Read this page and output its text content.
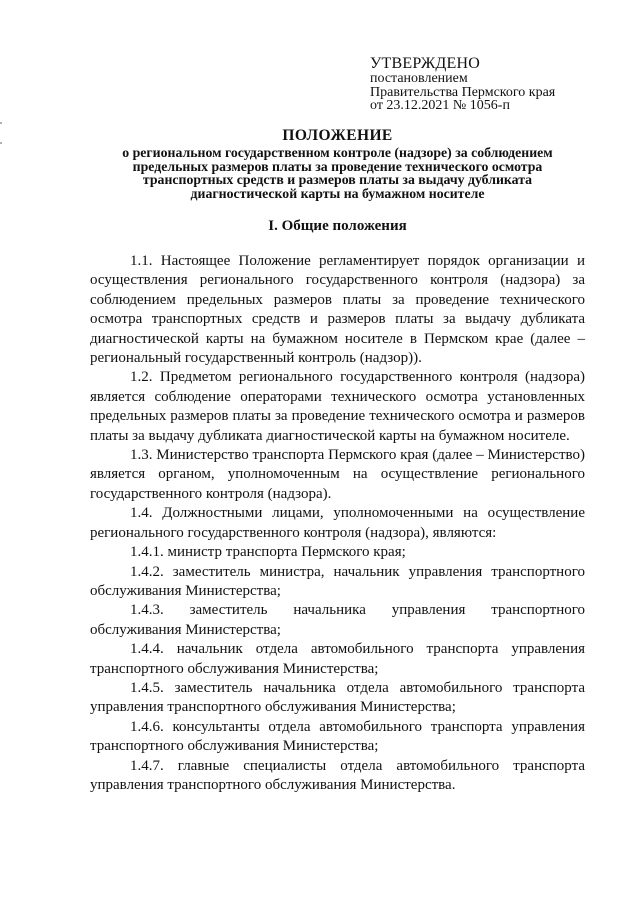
УТВЕРЖДЕНО
постановлением
Правительства Пермского края
от 23.12.2021 № 1056-п
ПОЛОЖЕНИЕ
о региональном государственном контроле (надзоре) за соблюдением предельных размеров платы за проведение технического осмотра транспортных средств и размеров платы за выдачу дубликата диагностической карты на бумажном носителе
I. Общие положения

1.1. Настоящее Положение регламентирует порядок организации и осуществления регионального государственного контроля (надзора) за соблюдением предельных размеров платы за проведение технического осмотра транспортных средств и размеров платы за выдачу дубликата диагностической карты на бумажном носителе в Пермском крае (далее – региональный государственный контроль (надзор)).

1.2. Предметом регионального государственного контроля (надзора) является соблюдение операторами технического осмотра установленных предельных размеров платы за проведение технического осмотра и размеров платы за выдачу дубликата диагностической карты на бумажном носителе.

1.3. Министерство транспорта Пермского края (далее – Министерство) является органом, уполномоченным на осуществление регионального государственного контроля (надзора).

1.4. Должностными лицами, уполномоченными на осуществление регионального государственного контроля (надзора), являются:

1.4.1. министр транспорта Пермского края;

1.4.2. заместитель министра, начальник управления транспортного обслуживания Министерства;

1.4.3. заместитель начальника управления транспортного обслуживания Министерства;

1.4.4. начальник отдела автомобильного транспорта управления транспортного обслуживания Министерства;

1.4.5. заместитель начальника отдела автомобильного транспорта управления транспортного обслуживания Министерства;

1.4.6. консультанты отдела автомобильного транспорта управления транспортного обслуживания Министерства;

1.4.7. главные специалисты отдела автомобильного транспорта управления транспортного обслуживания Министерства.
